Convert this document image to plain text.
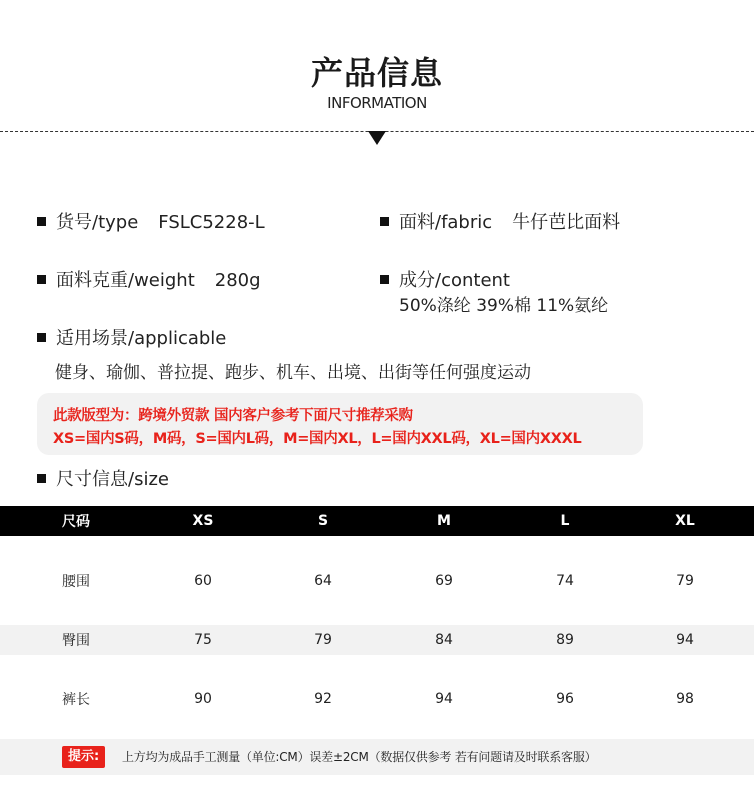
产品信息
INFORMATION
货号/type FSLC5228-L	面料/fabric 牛仔芭比面料
面料克重/weight 280g	成分/content
50%涤纶 39%棉 11%氨纶
适用场景/applicable
健身、瑜伽、普拉提、跑步、机车、出境、出街等任何强度运动
此款版型为：跨境外贸款 国内客户参考下面尺寸推荐采购
XS=国内S码，M码，S=国内L码，M=国内XL，L=国内XXL码，XL=国内XXXL
尺寸信息/size
尺码	XS	S	M	L	XL
腰围	60	64	69	74	79
臀围	75	79	84	89	94
裤长	90	92	94	96	98
提示:	上方均为成品手工测量（单位:CM）误差±2CM（数据仅供参考 若有问题请及时联系客服）
